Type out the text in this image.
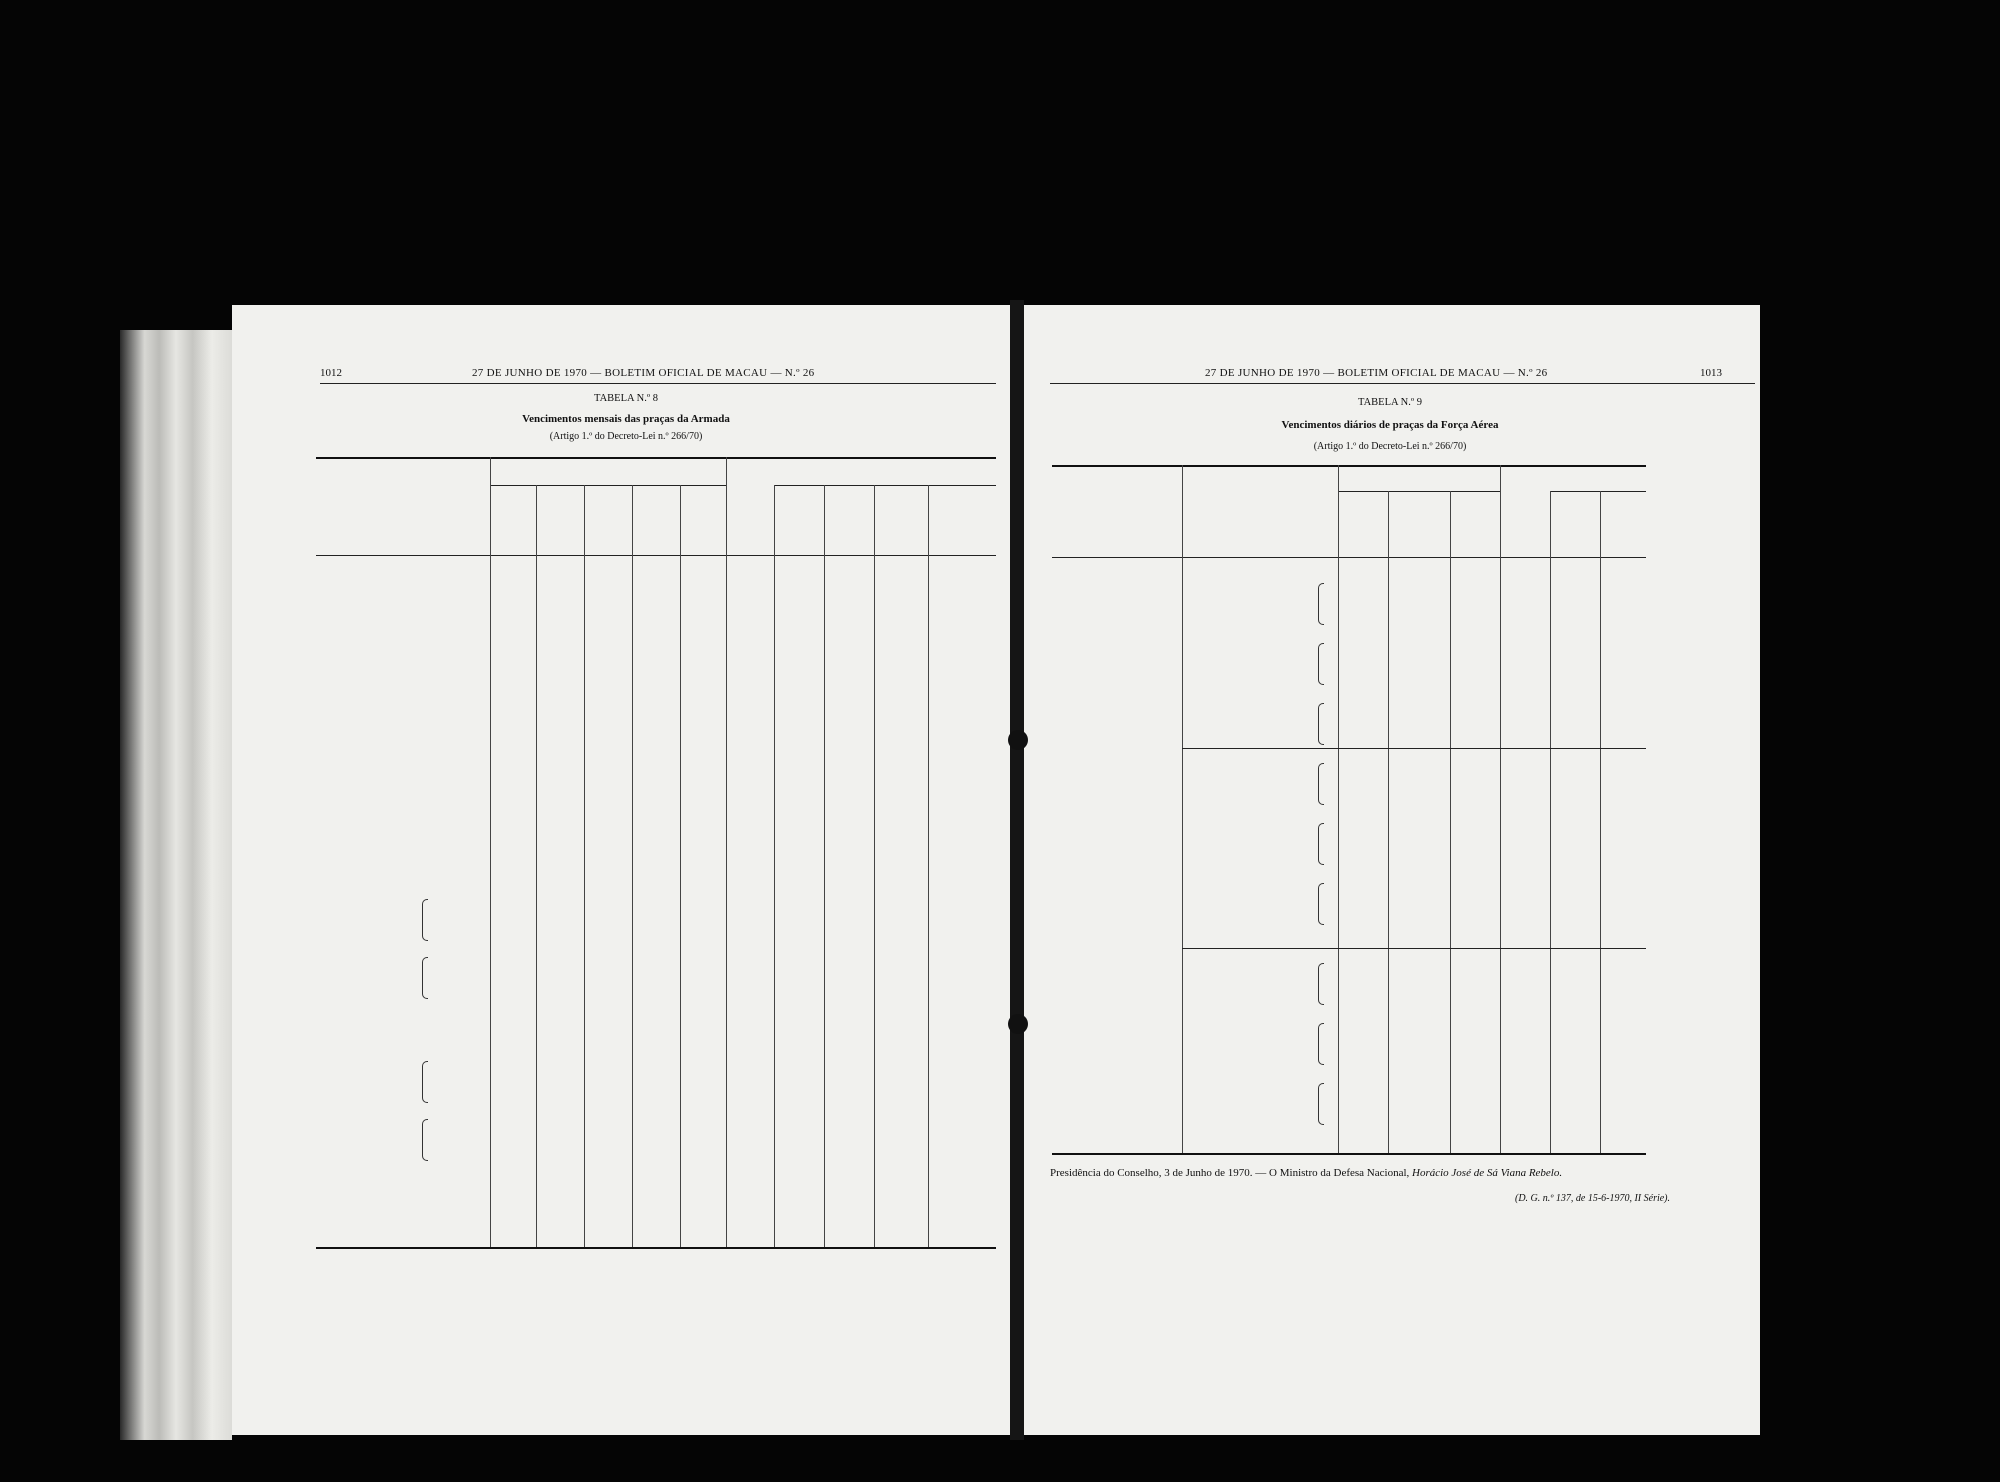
1012	27 DE JUNHO DE 1970 — BOLETIM OFICIAL DE MACAU — N.º 26
TABELA N.º 8
Vencimentos mensais das praças da Armada
(Artigo 1.º do Decreto-Lei n.º 266/70)
27 DE JUNHO DE 1970 — BOLETIM OFICIAL DE MACAU — N.º 26	1013
TABELA N.º 9
Vencimentos diários de praças da Força Aérea
(Artigo 1.º do Decreto-Lei n.º 266/70)
Presidência do Conselho, 3 de Junho de 1970. — O Ministro da Defesa Nacional, Horácio José de Sá Viana Rebelo.
(D. G. n.º 137, de 15-6-1970, II Série).
